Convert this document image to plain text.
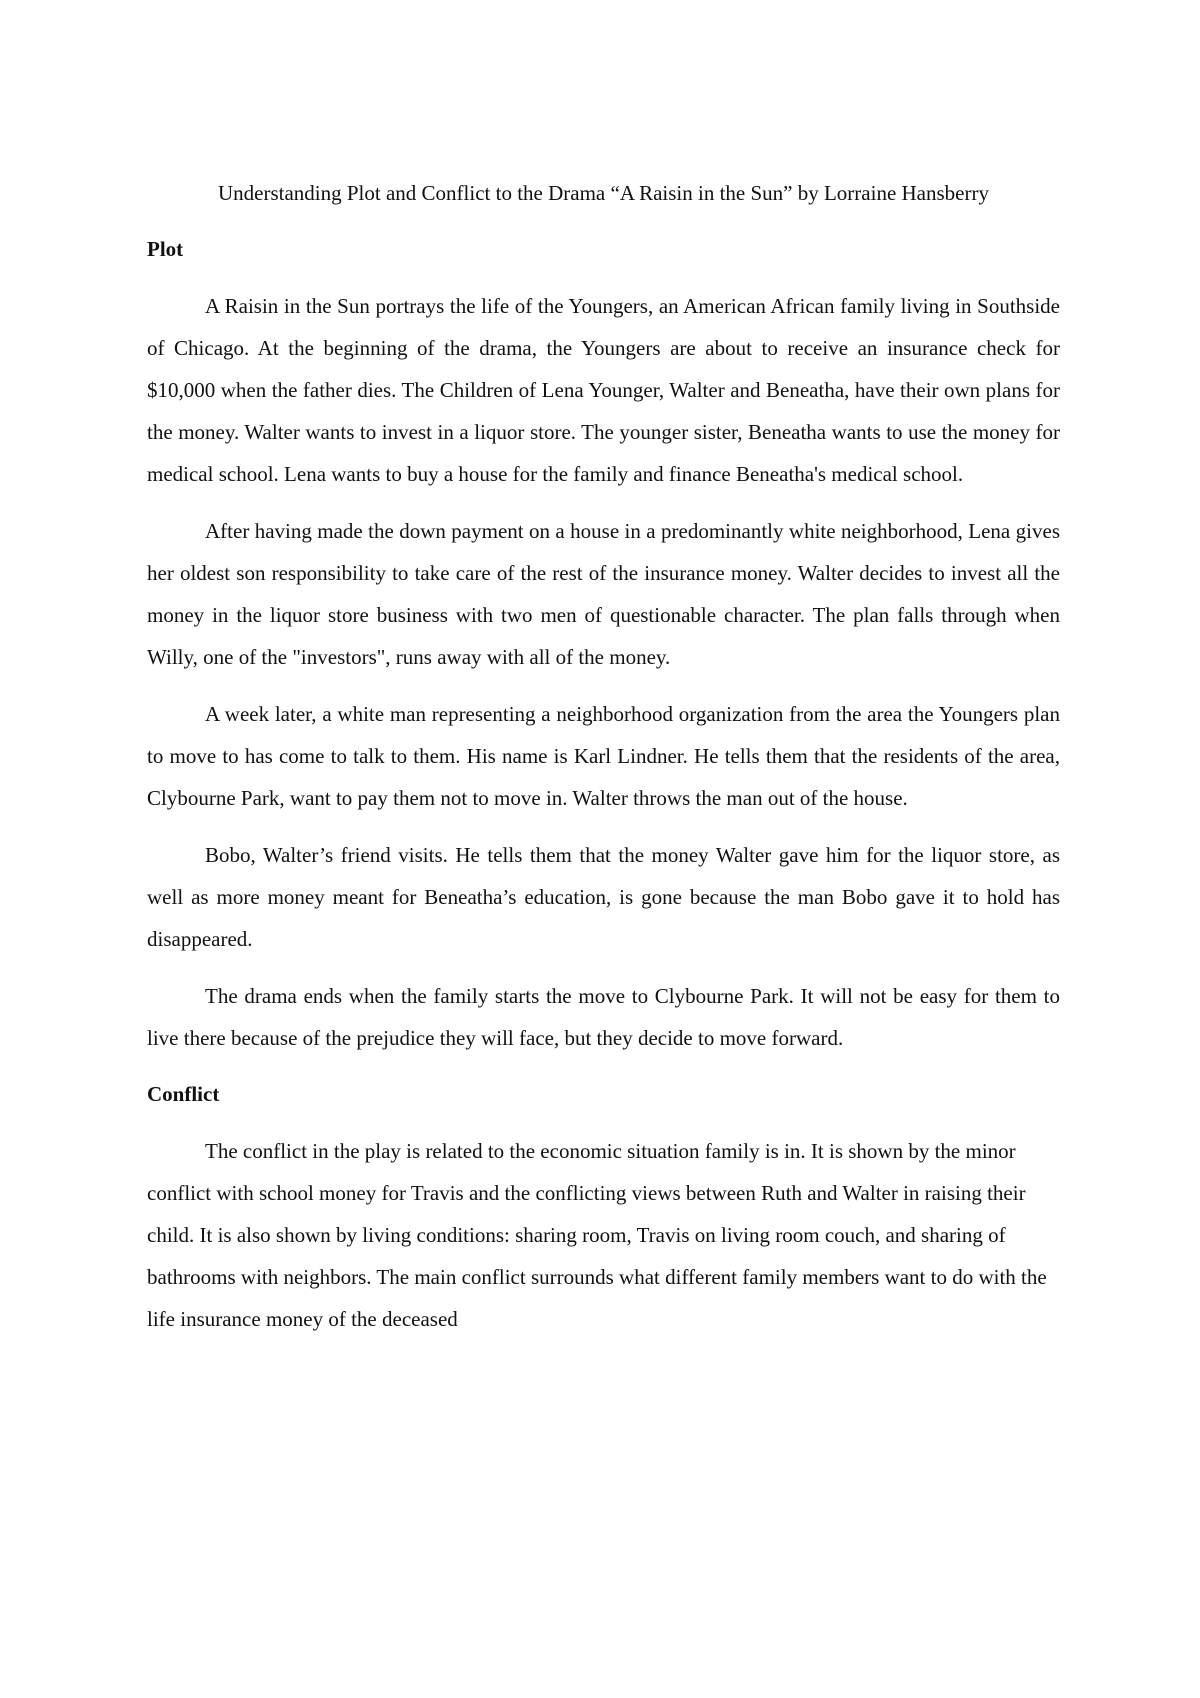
Understanding Plot and Conflict to the Drama “A Raisin in the Sun” by Lorraine Hansberry
Plot

A Raisin in the Sun portrays the life of the Youngers, an American African family living in Southside of Chicago. At the beginning of the drama, the Youngers are about to receive an insurance check for $10,000 when the father dies. The Children of Lena Younger, Walter and Beneatha, have their own plans for the money. Walter wants to invest in a liquor store. The younger sister, Beneatha wants to use the money for medical school. Lena wants to buy a house for the family and finance Beneatha's medical school.

After having made the down payment on a house in a predominantly white neighborhood, Lena gives her oldest son responsibility to take care of the rest of the insurance money. Walter decides to invest all the money in the liquor store business with two men of questionable character. The plan falls through when Willy, one of the "investors", runs away with all of the money.

A week later, a white man representing a neighborhood organization from the area the Youngers plan to move to has come to talk to them. His name is Karl Lindner. He tells them that the residents of the area, Clybourne Park, want to pay them not to move in. Walter throws the man out of the house.

Bobo, Walter’s friend visits. He tells them that the money Walter gave him for the liquor store, as well as more money meant for Beneatha’s education, is gone because the man Bobo gave it to hold has disappeared.

The drama ends when the family starts the move to Clybourne Park. It will not be easy for them to live there because of the prejudice they will face, but they decide to move forward.

Conflict

The conflict in the play is related to the economic situation family is in. It is shown by the minor conflict with school money for Travis and the conflicting views between Ruth and Walter in raising their child. It is also shown by living conditions: sharing room, Travis on living room couch, and sharing of bathrooms with neighbors. The main conflict surrounds what different family members want to do with the life insurance money of the deceased
